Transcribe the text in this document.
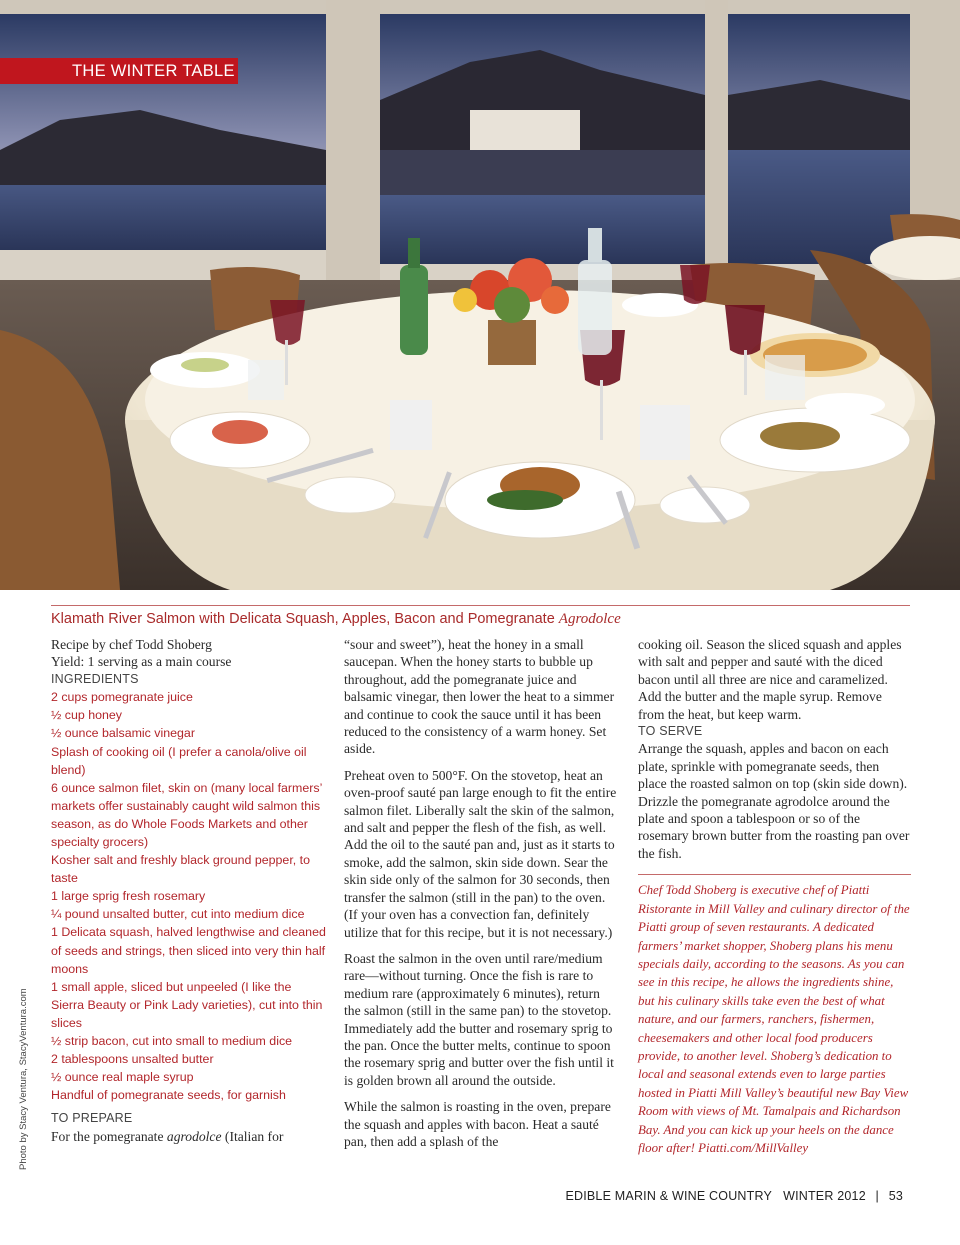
THE WINTER TABLE
Klamath River Salmon with Delicata Squash, Apples, Bacon and Pomegranate Agrodolce

Recipe by chef Todd Shoberg

Yield: 1 serving as a main course

INGREDIENTS

2 cups pomegranate juice
½ cup honey
½ ounce balsamic vinegar
Splash of cooking oil (I prefer a canola/olive oil blend)
6 ounce salmon filet, skin on (many local farmers’ markets offer sustainably caught wild salmon this season, as do Whole Foods Markets and other specialty grocers)
Kosher salt and freshly black ground pepper, to taste
1 large sprig fresh rosemary
¼ pound unsalted butter, cut into medium dice
1 Delicata squash, halved lengthwise and cleaned of seeds and strings, then sliced into very thin half moons
1 small apple, sliced but unpeeled (I like the Sierra Beauty or Pink Lady varieties), cut into thin slices
½ strip bacon, cut into small to medium dice
2 tablespoons unsalted butter
½ ounce real maple syrup
Handful of pomegranate seeds, for garnish

TO PREPARE

For the pomegranate agrodolce (Italian for

“sour and sweet”), heat the honey in a small saucepan. When the honey starts to bubble up throughout, add the pomegranate juice and balsamic vinegar, then lower the heat to a simmer and continue to cook the sauce until it has been reduced to the consistency of a warm honey. Set aside.

Preheat oven to 500°F. On the stovetop, heat an oven-proof sauté pan large enough to fit the entire salmon filet. Liberally salt the skin of the salmon, and salt and pepper the flesh of the fish, as well. Add the oil to the sauté pan and, just as it starts to smoke, add the salmon, skin side down. Sear the skin side only of the salmon for 30 seconds, then transfer the salmon (still in the pan) to the oven. (If your oven has a convection fan, definitely utilize that for this recipe, but it is not necessary.)

Roast the salmon in the oven until rare/medium rare—without turning. Once the fish is rare to medium rare (approximately 6 minutes), return the salmon (still in the same pan) to the stovetop. Immediately add the butter and rosemary sprig to the pan. Once the butter melts, continue to spoon the rosemary sprig and butter over the fish until it is golden brown all around the outside.

While the salmon is roasting in the oven, prepare the squash and apples with bacon. Heat a sauté pan, then add a splash of the

cooking oil. Season the sliced squash and apples with salt and pepper and sauté with the diced bacon until all three are nice and caramelized. Add the butter and the maple syrup. Remove from the heat, but keep warm.

TO SERVE

Arrange the squash, apples and bacon on each plate, sprinkle with pomegranate seeds, then place the roasted salmon on top (skin side down). Drizzle the pomegranate agrodolce around the plate and spoon a tablespoon or so of the rosemary brown butter from the roasting pan over the fish.

Chef Todd Shoberg is executive chef of Piatti Ristorante in Mill Valley and culinary director of the Piatti group of seven restaurants. A dedicated farmers’ market shopper, Shoberg plans his menu specials daily, according to the seasons. As you can see in this recipe, he allows the ingredients shine, but his culinary skills take even the best of what nature, and our farmers, ranchers, fishermen, cheesemakers and other local food producers provide, to another level. Shoberg’s dedication to local and seasonal extends even to large parties hosted in Piatti Mill Valley’s beautiful new Bay View Room with views of Mt. Tamalpais and Richardson Bay. And you can kick up your heels on the dance floor after! Piatti.com/MillValley

Photo by Stacy Ventura, StacyVentura.com
EDIBLE MARIN & WINE COUNTRY WINTER 2012 | 53
